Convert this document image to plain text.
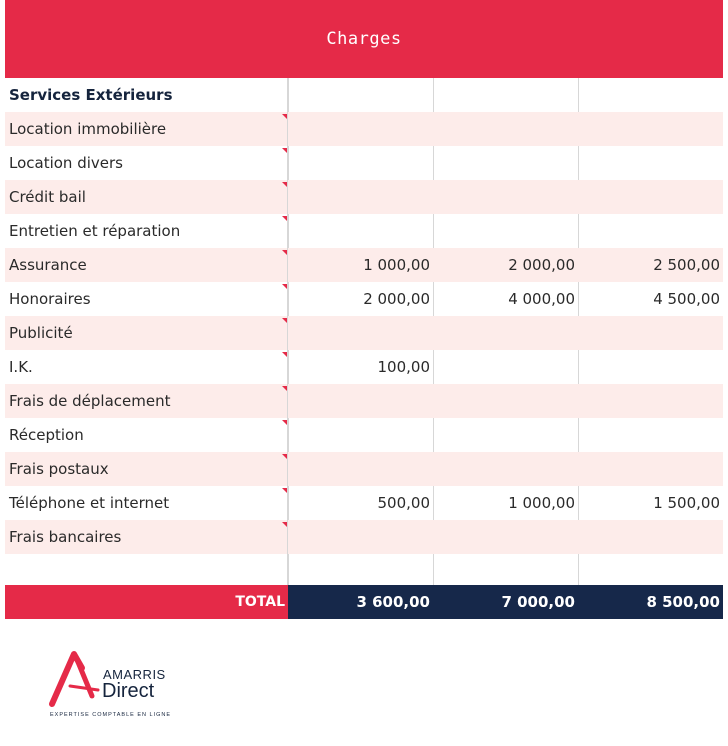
Charges
Services Extérieurs
Location immobilière
Location divers
Crédit bail
Entretien et réparation
Assurance	1 000,00	2 000,00	2 500,00
Honoraires	2 000,00	4 000,00	4 500,00
Publicité
I.K.	100,00
Frais de déplacement
Réception
Frais postaux
Téléphone et internet	500,00	1 000,00	1 500,00
Frais bancaires
TOTAL	3 600,00	7 000,00	8 500,00
AMARRIS
Direct
EXPERTISE COMPTABLE EN LIGNE
